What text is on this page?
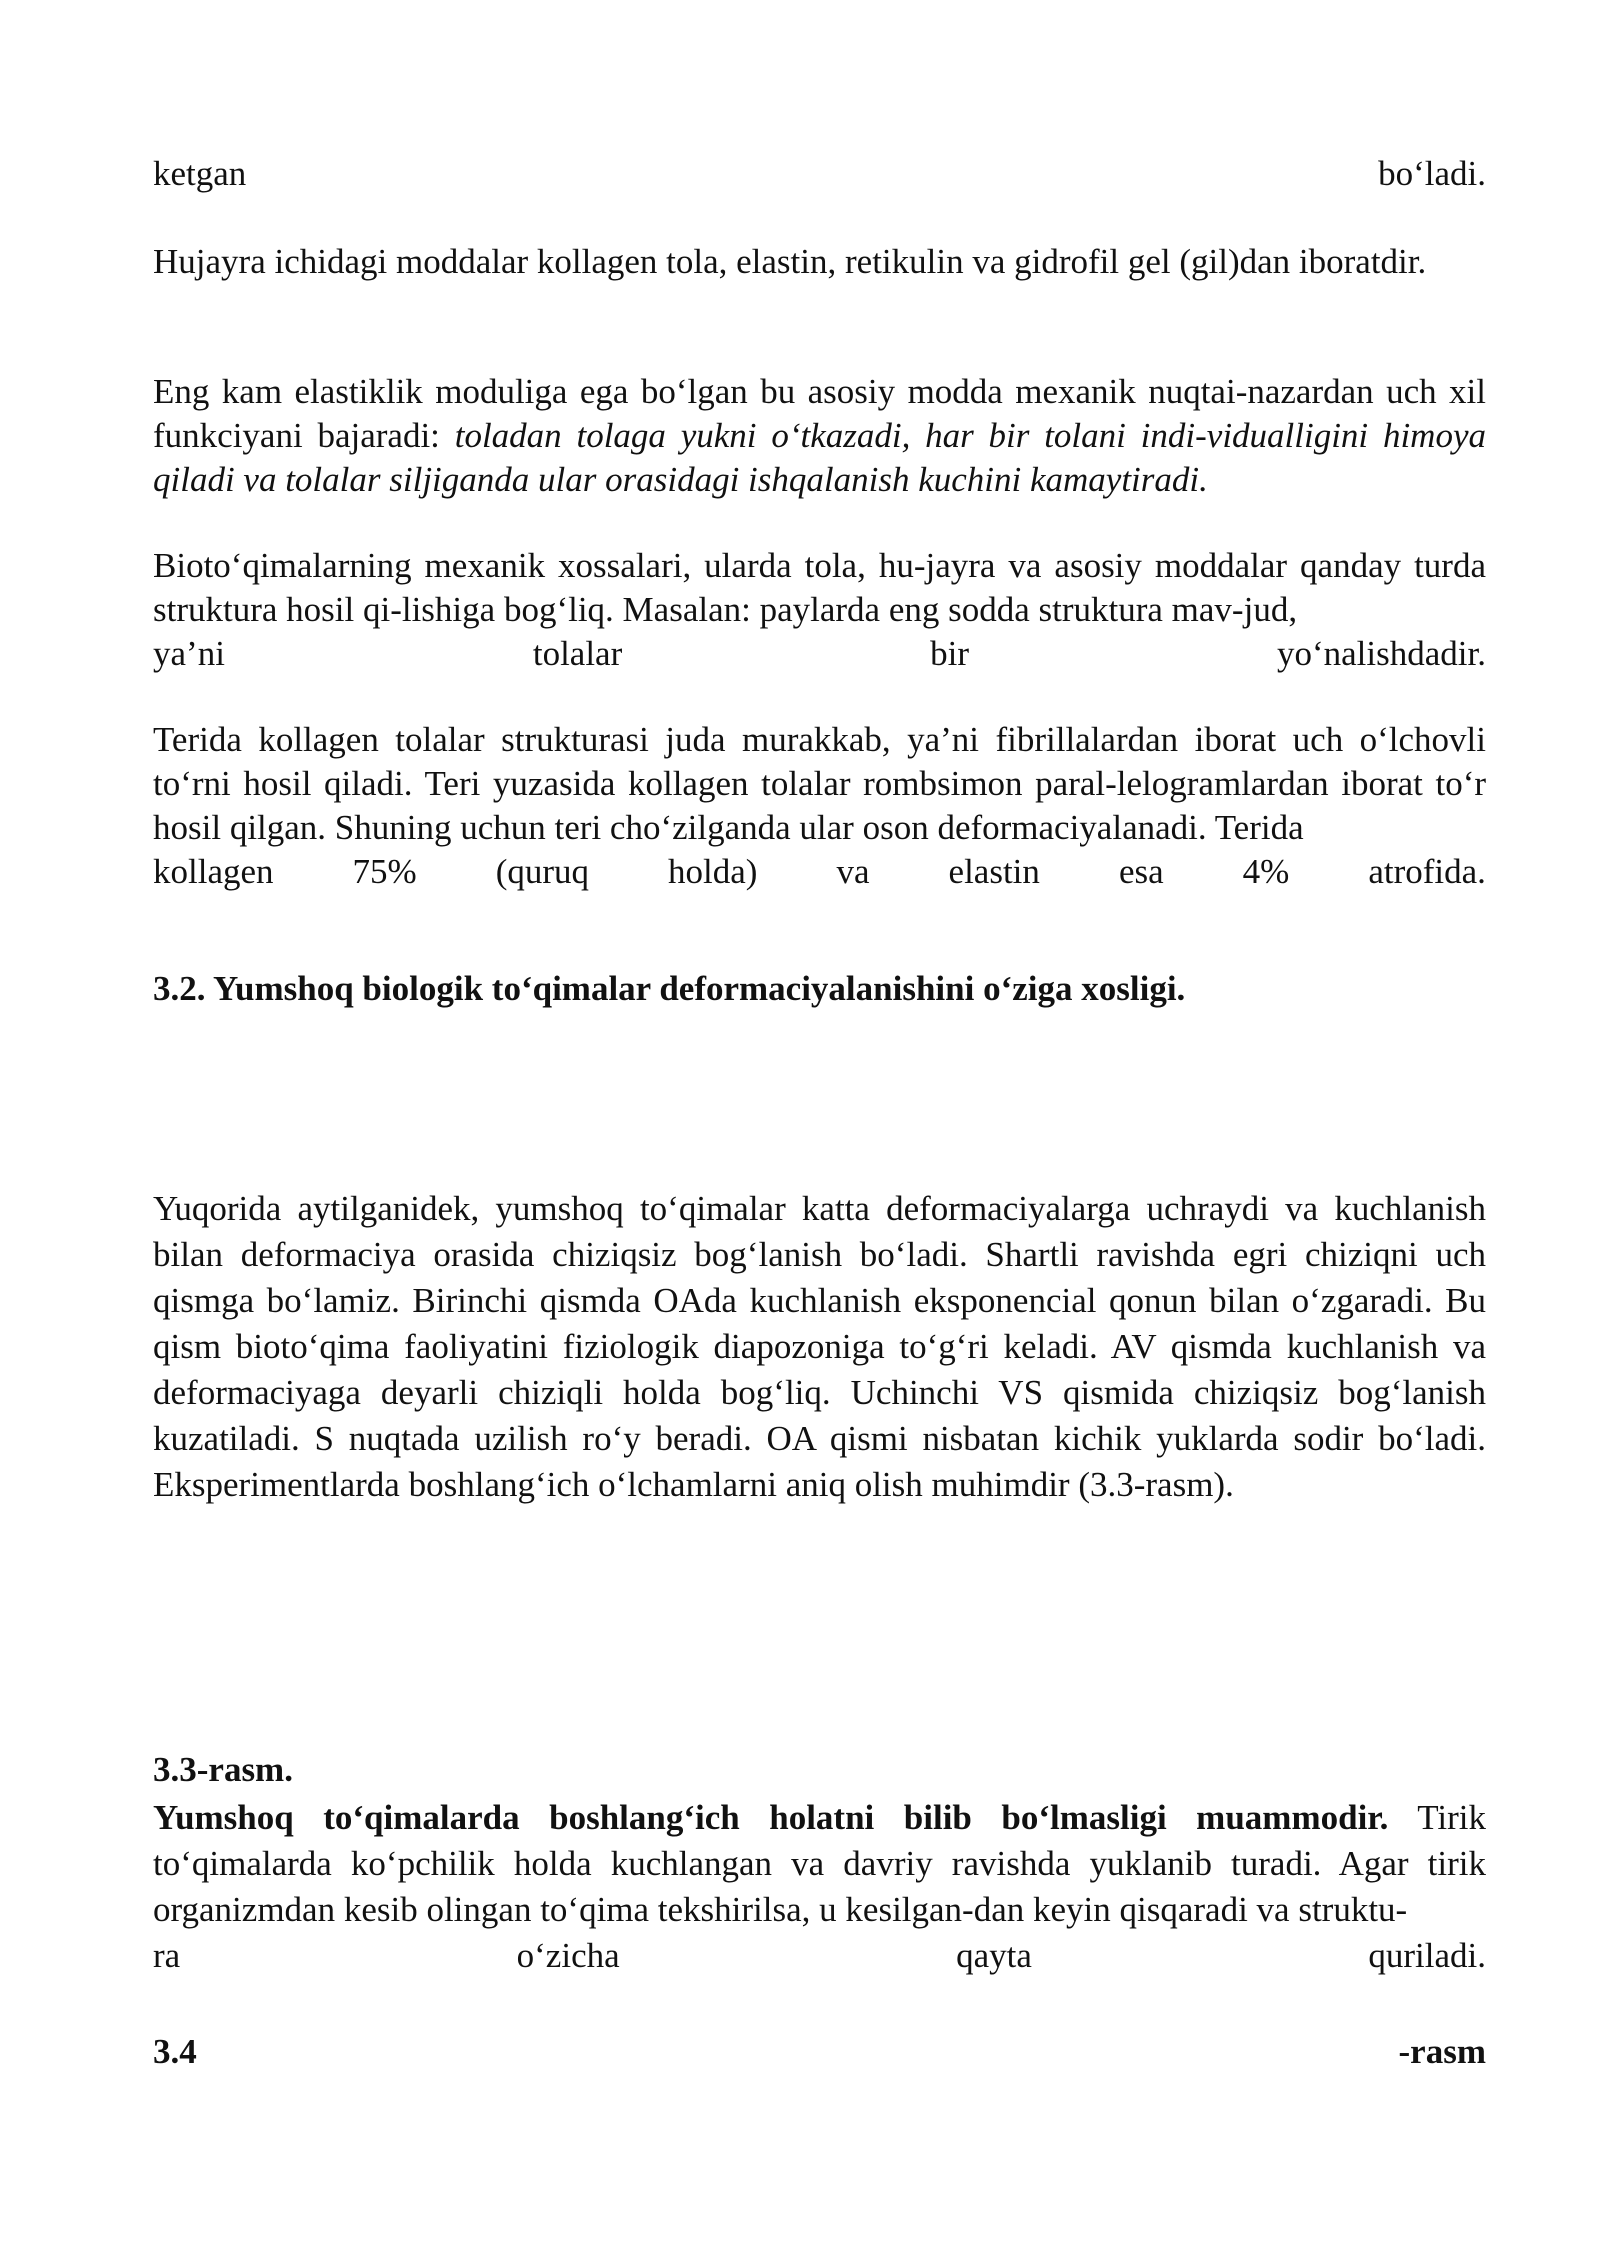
ketgan	bo‘ladi.

Hujayra ichidagi moddalar kollagen tola, elastin, retikulin va gidrofil gel (gil)dan iboratdir.

Eng kam elastiklik moduliga ega bo‘lgan bu asosiy modda mexanik nuqtai-nazardan uch xil funkciyani bajaradi: toladan tolaga yukni o‘tkazadi, har bir tolani indi-vidualligini himoya qiladi va tolalar siljiganda ular orasidagi ishqalanish kuchini kamaytiradi.

Bioto‘qimalarning mexanik xossalari, ularda tola, hu-jayra va asosiy moddalar qanday turda struktura hosil qi-lishiga bog‘liq. Masalan: paylarda eng sodda struktura mav-jud,

ya’ni	tolalar	bir	yo‘nalishdadir.

Terida kollagen tolalar strukturasi juda murakkab, ya’ni fibrillalardan iborat uch o‘lchovli to‘rni hosil qiladi. Teri yuzasida kollagen tolalar rombsimon paral-lelogramlardan iborat to‘r hosil qilgan. Shuning uchun teri cho‘zilganda ular oson deformaciyalanadi. Terida

kollagen 75% (quruq holda) va elastin esa 4% atrofida.

3.2. Yumshoq biologik to‘qimalar deformaciyalanishini o‘ziga xosligi.

Yuqorida aytilganidek, yumshoq to‘qimalar katta deformaciyalarga uchraydi va kuchlanish bilan deformaciya orasida chiziqsiz bog‘lanish bo‘ladi. Shartli ravishda egri chiziqni uch qismga bo‘lamiz. Birinchi qismda OAda kuchlanish eksponencial qonun bilan o‘zgaradi. Bu qism bioto‘qima faoliyatini fiziologik diapozoniga to‘g‘ri keladi. AV qismda kuchlanish va deformaciyaga deyarli chiziqli holda bog‘liq. Uchinchi VS qismida chiziqsiz bog‘lanish kuzatiladi. S nuqtada uzilish ro‘y beradi. OA qismi nisbatan kichik yuklarda sodir bo‘ladi. Eksperimentlarda boshlang‘ich o‘lchamlarni aniq olish muhimdir (3.3-rasm).

3.3-rasm.

Yumshoq to‘qimalarda boshlang‘ich holatni bilib bo‘lmasligi muammodir. Tirik to‘qimalarda ko‘pchilik holda kuchlangan va davriy ravishda yuklanib turadi. Agar tirik organizmdan kesib olingan to‘qima tekshirilsa, u kesilgan-dan keyin qisqaradi va struktu-

ra	o‘zicha	qayta	quriladi.
3.4	-rasm
